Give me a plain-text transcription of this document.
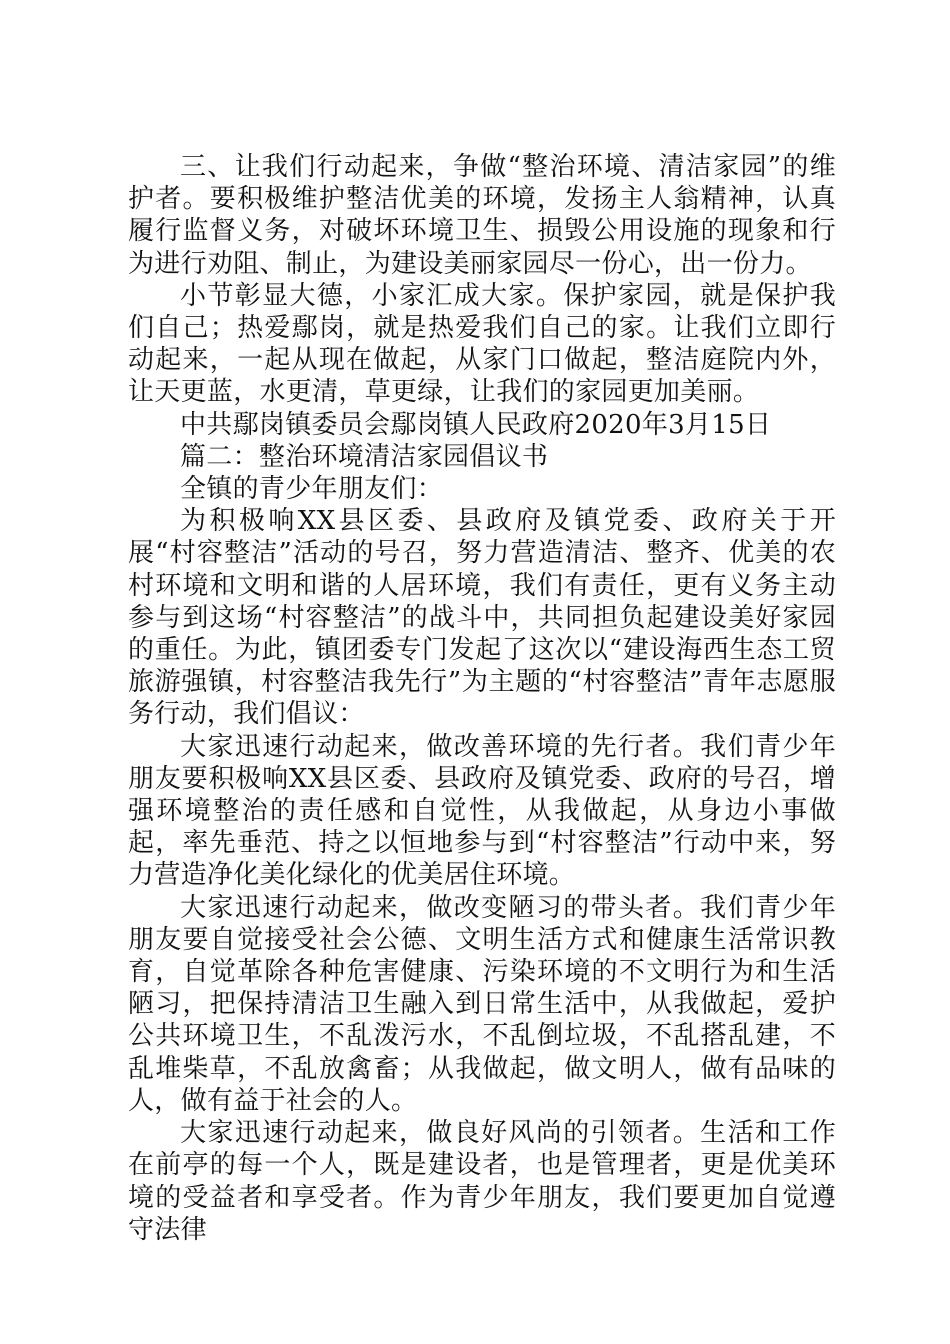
三、让我们行动起来，争做“整治环境、清洁家园”的维护者。要积极维护整洁优美的环境，发扬主人翁精神，认真履行监督义务，对破坏环境卫生、损毁公用设施的现象和行为进行劝阻、制止，为建设美丽家园尽一份心，出一份力。

小节彰显大德，小家汇成大家。保护家园，就是保护我们自己；热爱鄢岗，就是热爱我们自己的家。让我们立即行动起来，一起从现在做起，从家门口做起，整洁庭院内外，让天更蓝，水更清，草更绿，让我们的家园更加美丽。

中共鄢岗镇委员会鄢岗镇人民政府2020年3月15日

篇二：整治环境清洁家园倡议书

全镇的青少年朋友们：

为积极响XX县区委、县政府及镇党委、政府关于开展“村容整洁”活动的号召，努力营造清洁、整齐、优美的农村环境和文明和谐的人居环境，我们有责任，更有义务主动参与到这场“村容整洁”的战斗中，共同担负起建设美好家园的重任。为此，镇团委专门发起了这次以“建设海西生态工贸旅游强镇，村容整洁我先行”为主题的“村容整洁”青年志愿服务行动，我们倡议：

大家迅速行动起来，做改善环境的先行者。我们青少年朋友要积极响XX县区委、县政府及镇党委、政府的号召，增强环境整治的责任感和自觉性，从我做起，从身边小事做起，率先垂范、持之以恒地参与到“村容整洁”行动中来，努力营造净化美化绿化的优美居住环境。

大家迅速行动起来，做改变陋习的带头者。我们青少年朋友要自觉接受社会公德、文明生活方式和健康生活常识教育，自觉革除各种危害健康、污染环境的不文明行为和生活陋习，把保持清洁卫生融入到日常生活中，从我做起，爱护公共环境卫生，不乱泼污水，不乱倒垃圾，不乱搭乱建，不乱堆柴草，不乱放禽畜；从我做起，做文明人，做有品味的人，做有益于社会的人。

大家迅速行动起来，做良好风尚的引领者。生活和工作在前亭的每一个人，既是建设者，也是管理者，更是优美环境的受益者和享受者。作为青少年朋友，我们要更加自觉遵守法律
